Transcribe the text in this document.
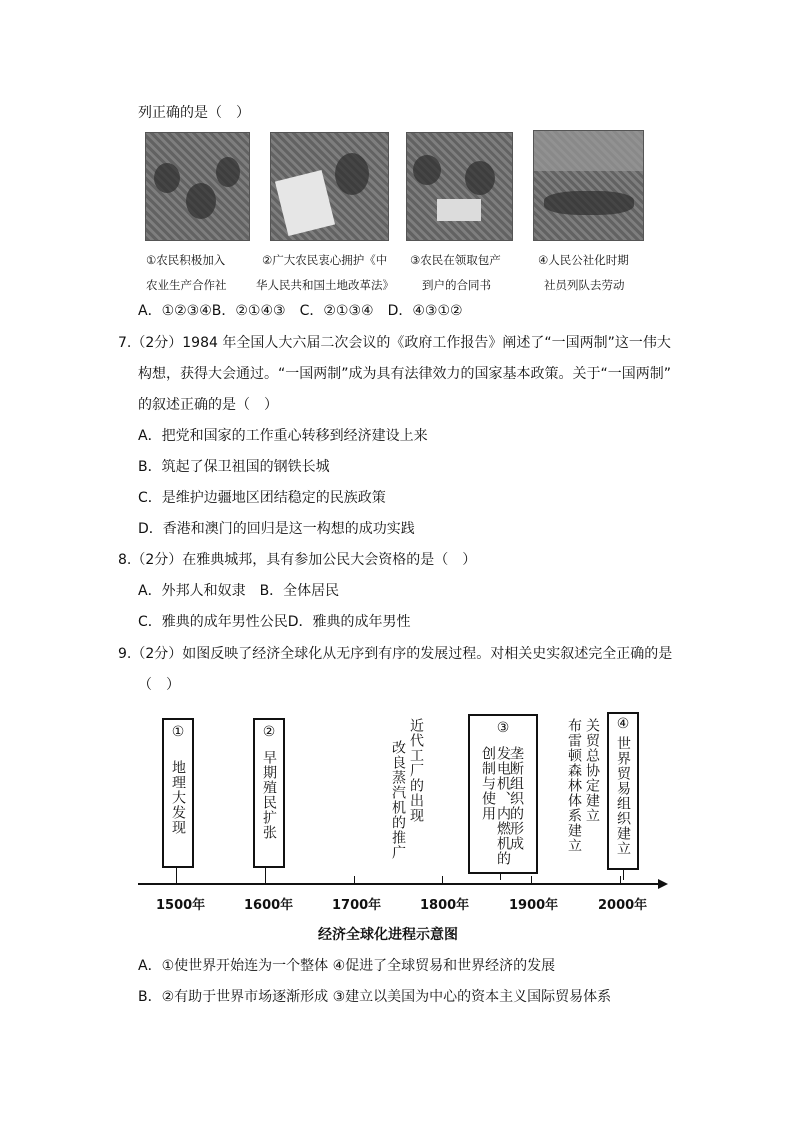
列正确的是（　）
①农民积极加入
农业生产合作社
②广大农民衷心拥护《中
华人民共和国土地改革法》
③农民在领取包产
到户的合同书
④人民公社化时期
社员列队去劳动
A．①②③④B．②①④③　C．②①③④　D．④③①②
7.（2分）1984 年全国人大六届二次会议的《政府工作报告》阐述了“一国两制”这一伟大
构想，获得大会通过。“一国两制”成为具有法律效力的国家基本政策。关于“一国两制”
的叙述正确的是（　）
A．把党和国家的工作重心转移到经济建设上来
B．筑起了保卫祖国的钢铁长城
C．是维护边疆地区团结稳定的民族政策
D．香港和澳门的回归是这一构想的成功实践
8.（2分）在雅典城邦，具有参加公民大会资格的是（　）
A．外邦人和奴隶　B．全体居民
C．雅典的成年男性公民D．雅典的成年男性
9.（2分）如图反映了经济全球化从无序到有序的发展过程。对相关史实叙述完全正确的是
（　）
1500年	1600年	1700年	1800年	1900年	2000年
①
地理大发现
②
早期殖民扩张	改良蒸汽机的推广 近代工厂的出现	③
发电机、内燃机的创制与使用 垄断组织的形成	布雷顿森林体系建立 关贸总协定建立 ④
世界贸易组织建立
经济全球化进程示意图
A．①使世界开始连为一个整体 ④促进了全球贸易和世界经济的发展
B．②有助于世界市场逐渐形成 ③建立以美国为中心的资本主义国际贸易体系
